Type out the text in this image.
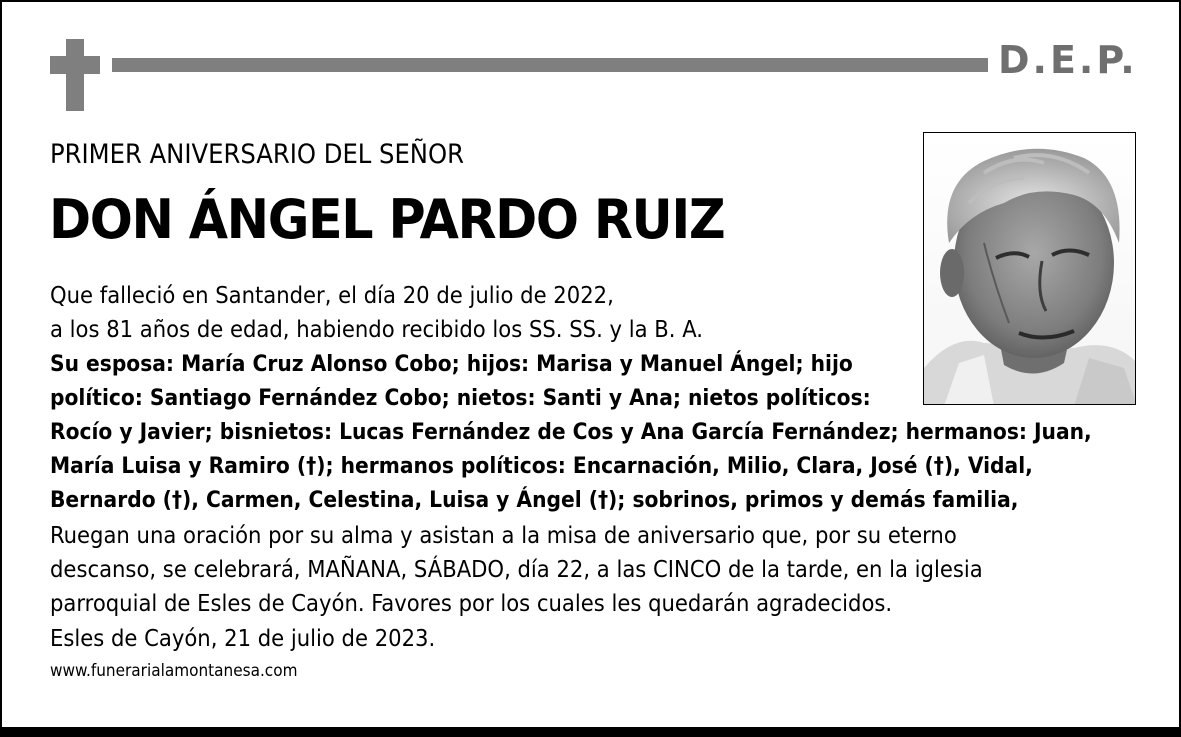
D.E.P.
PRIMER ANIVERSARIO DEL SEÑOR
DON ÁNGEL PARDO RUIZ
Que falleció en Santander, el día 20 de julio de 2022,
a los 81 años de edad, habiendo recibido los SS. SS. y la B. A.
Su esposa: María Cruz Alonso Cobo; hijos: Marisa y Manuel Ángel; hijo
político: Santiago Fernández Cobo; nietos: Santi y Ana; nietos políticos:
Rocío y Javier; bisnietos: Lucas Fernández de Cos y Ana García Fernández; hermanos: Juan,
María Luisa y Ramiro (†); hermanos políticos: Encarnación, Milio, Clara, José (†), Vidal,
Bernardo (†), Carmen, Celestina, Luisa y Ángel (†); sobrinos, primos y demás familia,
Ruegan una oración por su alma y asistan a la misa de aniversario que, por su eterno
descanso, se celebrará, MAÑANA, SÁBADO, día 22, a las CINCO de la tarde, en la iglesia
parroquial de Esles de Cayón. Favores por los cuales les quedarán agradecidos.
Esles de Cayón, 21 de julio de 2023.
www.funerarialamontanesa.com
